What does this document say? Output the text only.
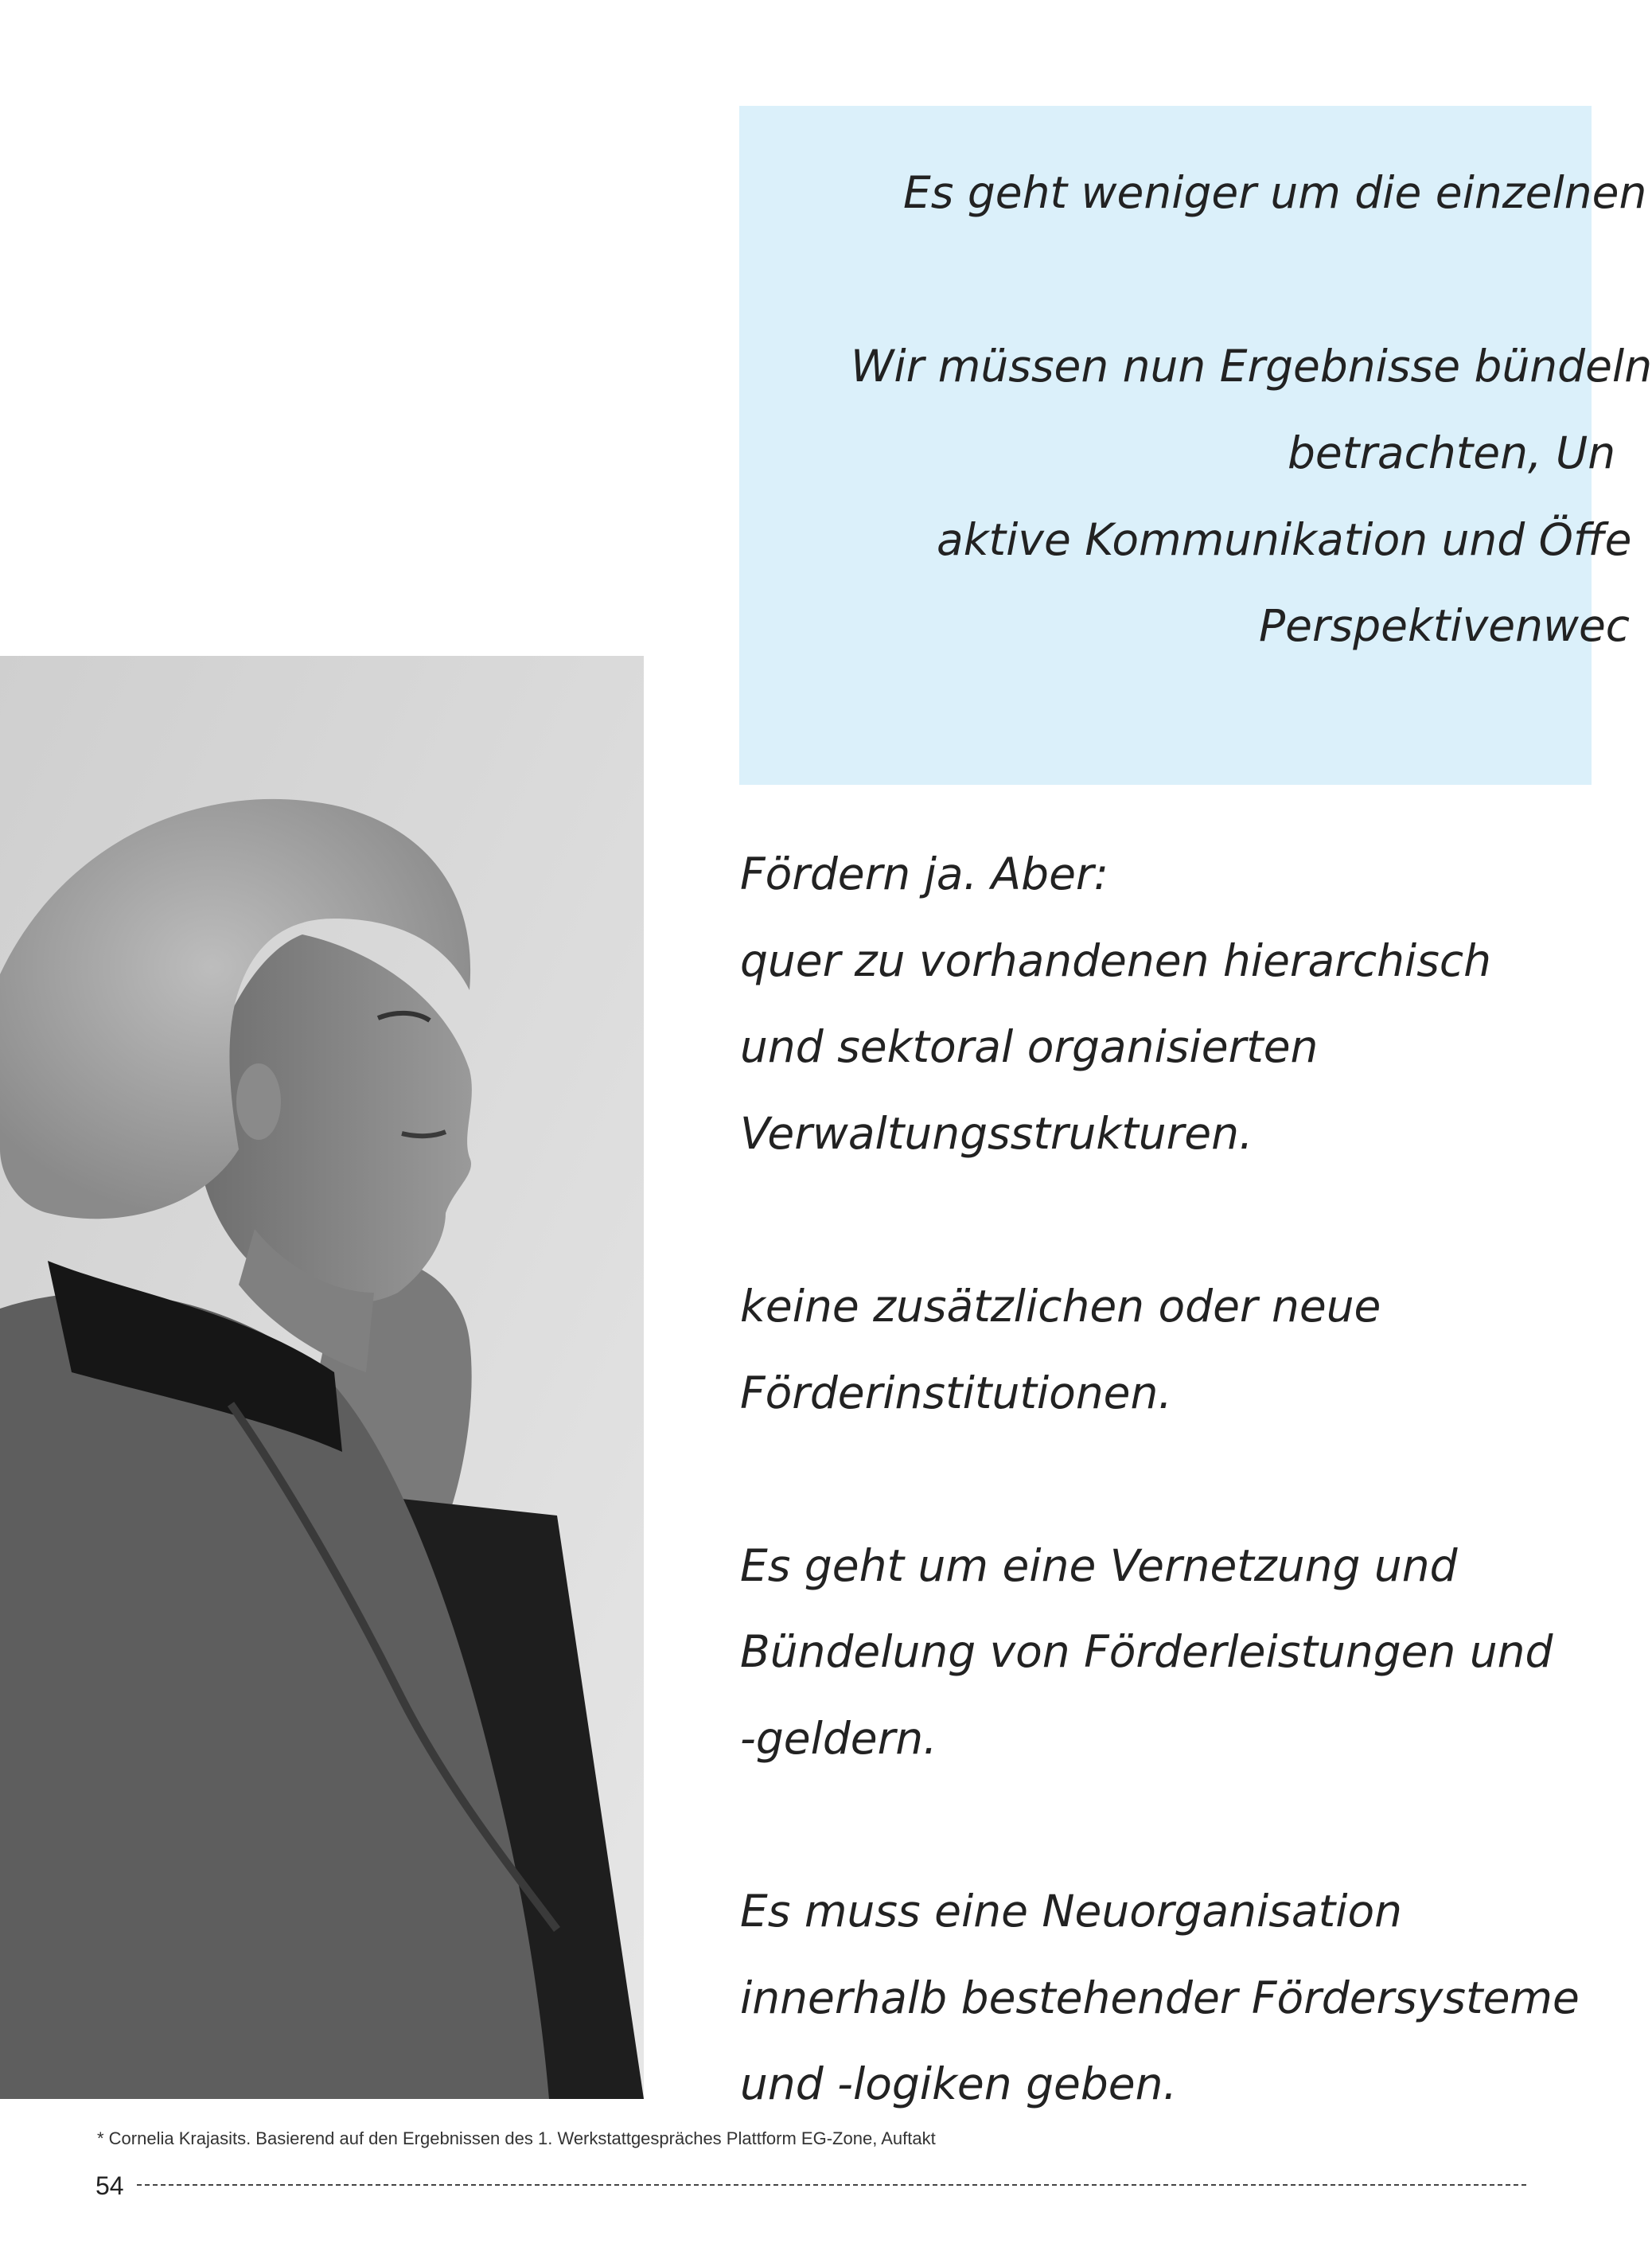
Es geht weniger um die einzelnen
Wir müssen nun Ergebnisse bündeln
betrachten, Un
aktive Kommunikation und Öffe
Perspektivenwec

Fördern ja. Aber:
quer zu vorhandenen hierarchisch
und sektoral organisierten
Verwaltungsstrukturen.

keine zusätzlichen oder neue
Förderinstitutionen.

Es geht um eine Vernetzung und
Bündelung von Förderleistungen und
-geldern.

Es muss eine Neuorganisation
innerhalb bestehender Fördersysteme
und -logiken geben.

* Cornelia Krajasits. Basierend auf den Ergebnissen des 1. Werkstattgespräches Plattform EG-Zone, Auftakt
54
